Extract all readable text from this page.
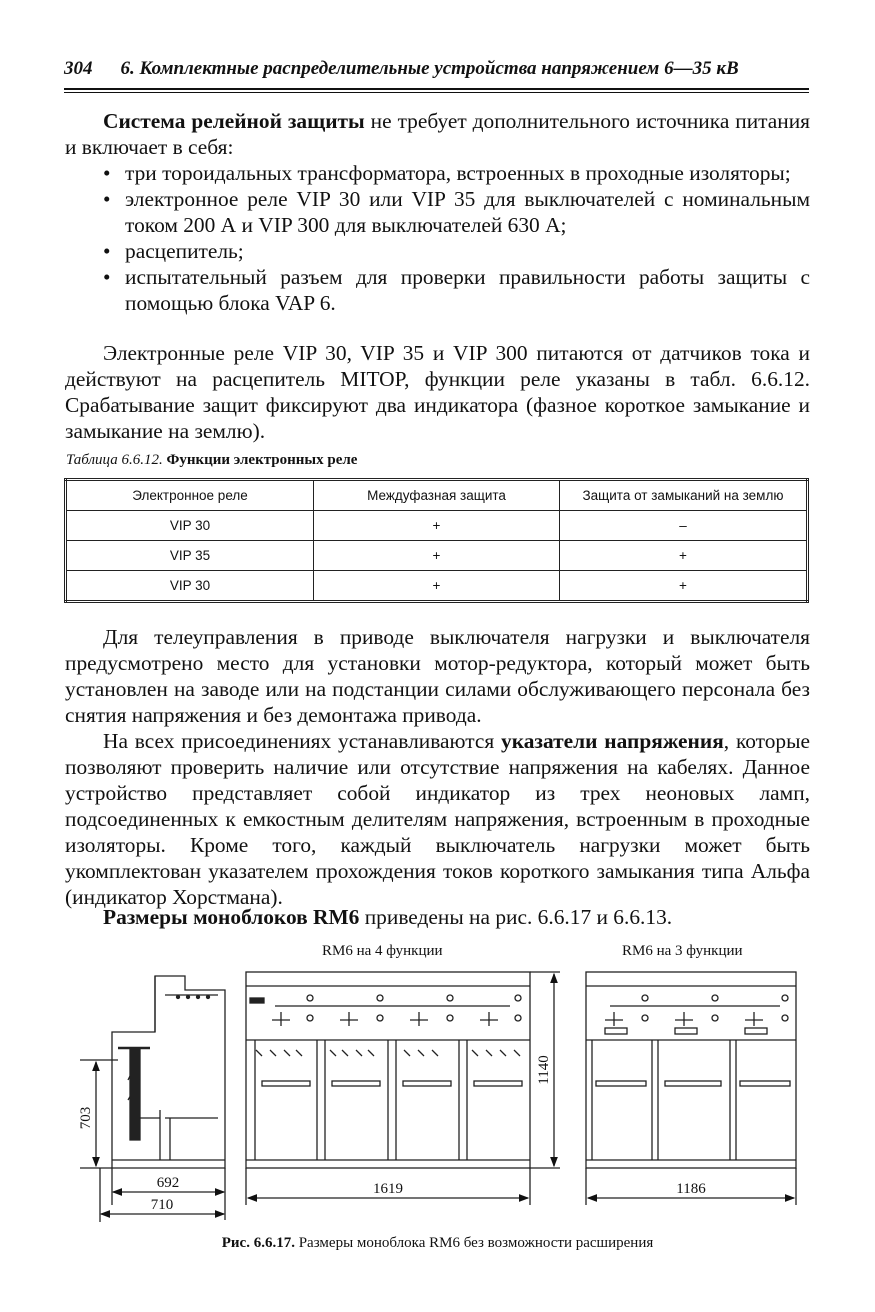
304 6. Комплектные распределительные устройства напряжением 6—35 кВ

Система релейной защиты не требует дополнительного источника питания и включает в себя:

• три тороидальных трансформатора, встроенных в проходные изоляторы;
• электронное реле VIP 30 или VIP 35 для выключателей с номинальным током 200 А и VIP 300 для выключателей 630 А;
• расцепитель;
• испытательный разъем для проверки правильности работы защиты с помощью блока VAP 6.

Электронные реле VIP 30, VIP 35 и VIP 300 питаются от датчиков тока и действуют на расцепитель MITOP, функции реле указаны в табл. 6.6.12. Срабатывание защит фиксируют два индикатора (фазное короткое замыкание и замыкание на землю).

Таблица 6.6.12. Функции электронных реле
Электронное реле	Междуфазная защита	Защита от замыканий на землю
VIP 30	+	–
VIP 35	+	+
VIP 30	+	+

Для телеуправления в приводе выключателя нагрузки и выключателя предусмотрено место для установки мотор-редуктора, который может быть установлен на заводе или на подстанции силами обслуживающего персонала без снятия напряжения и без демонтажа привода.

На всех присоединениях устанавливаются указатели напряжения, которые позволяют проверить наличие или отсутствие напряжения на кабелях. Данное устройство представляет собой индикатор из трех неоновых ламп, подсоединенных к емкостным делителям напряжения, встроенным в проходные изоляторы. Кроме того, каждый выключатель нагрузки может быть укомплектован указателем прохождения токов короткого замыкания типа Альфа (индикатор Хорстмана).

Размеры моноблоков RM6 приведены на рис. 6.6.17 и 6.6.13.

RM6 на 4 функции	RM6 на 3 функции
703
692
710
1619
1140
1186
Рис. 6.6.17. Размеры моноблока RM6 без возможности расширения
